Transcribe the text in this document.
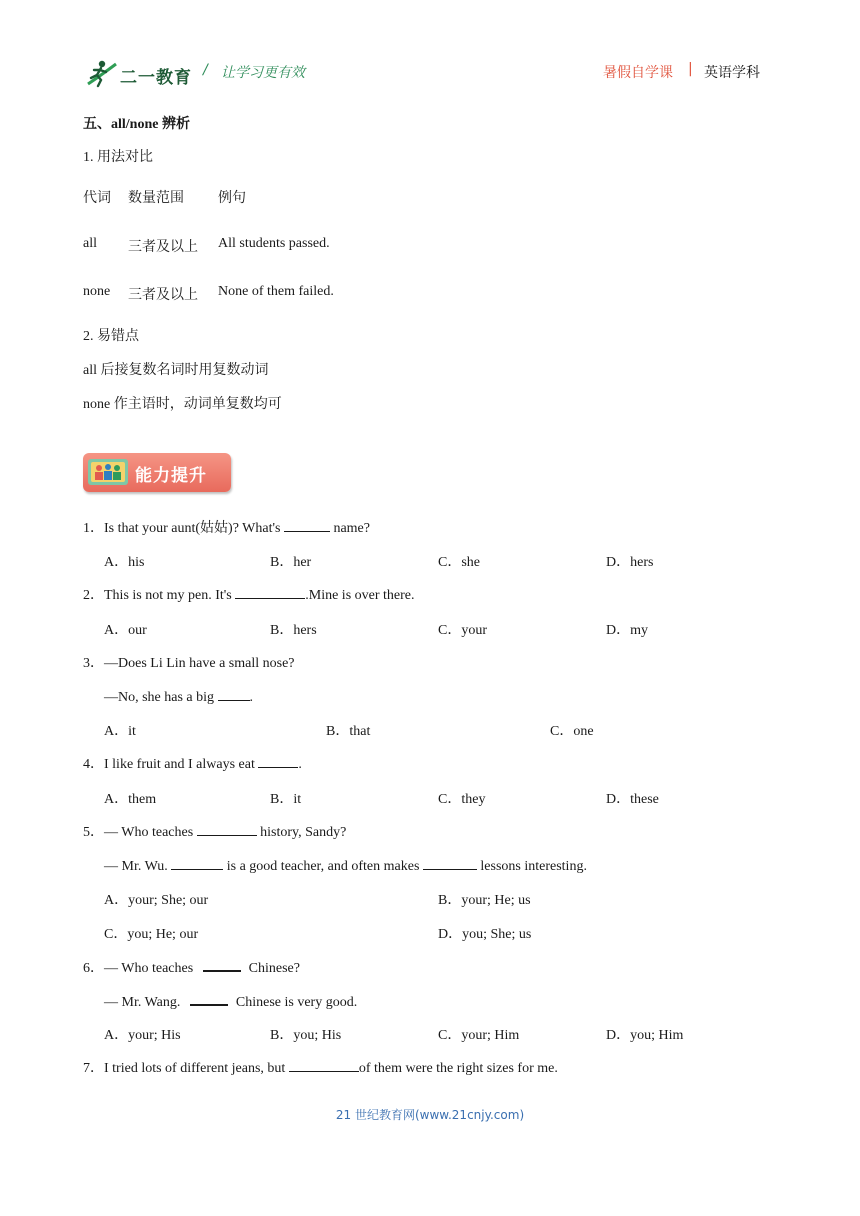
二一教育 / 让学习更有效	暑假自学课 | 英语学科
五、all/none 辨析
1. 用法对比
代词 数量范围 例句
all 三者及以上 All students passed.
none 三者及以上 None of them failed.
2. 易错点
all 后接复数名词时用复数动词
none 作主语时，动词单复数均可
能力提升
1．Is that your aunt(姑姑)? What's	name?
A．his	B．her	C．she	D．hers
2．This is not my pen. It's	.Mine is over there.
A．our	B．hers	C．your	D．my
3．—Does Li Lin have a small nose?
—No, she has a big .
A．it	B．that	C．one
4．I like fruit and I always eat	.
A．them	B．it	C．they	D．these
5．— Who teaches	history, Sandy?
— Mr. Wu.	is a good teacher, and often makes	lessons interesting.
A．your; She; our	B．your; He; us
C．you; He; our	D．you; She; us
6．— Who teaches	Chinese?
— Mr. Wang.	Chinese is very good.
A．your; His	B．you; His	C．your; Him	D．you; Him
7．I tried lots of different jeans, but	of them were the right sizes for me.
21 世纪教育网(www.21cnjy.com)
